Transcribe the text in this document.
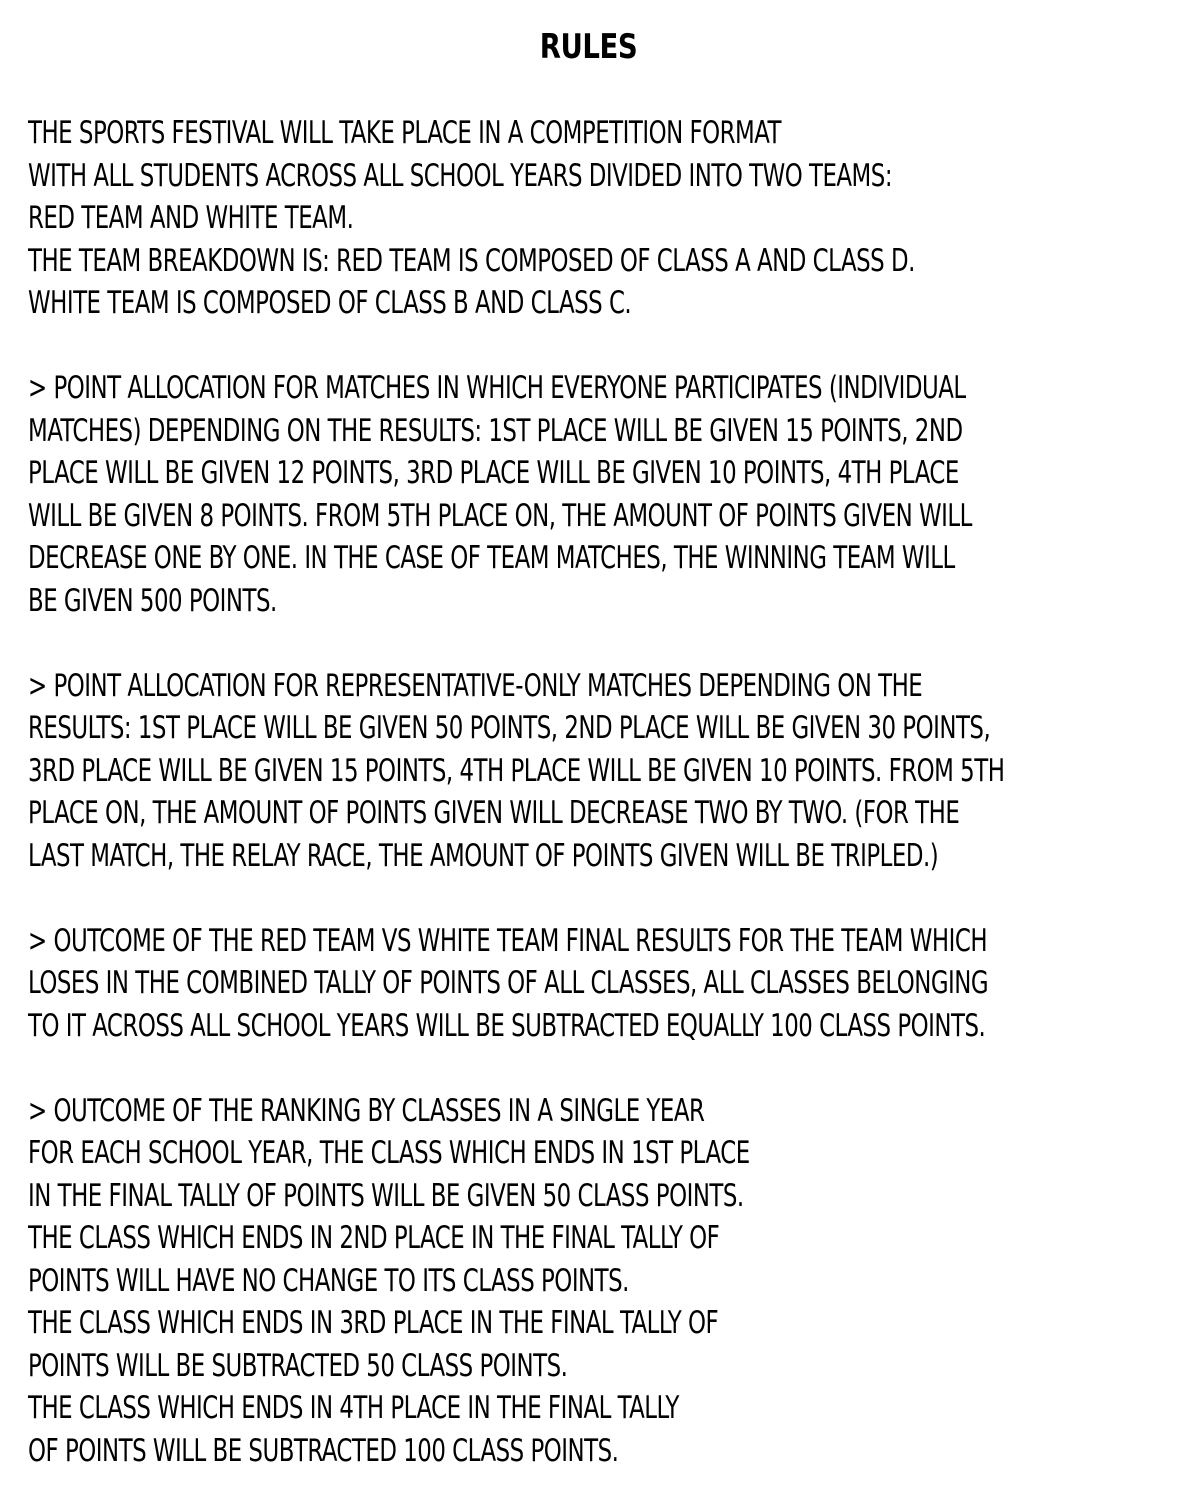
RULES
THE SPORTS FESTIVAL WILL TAKE PLACE IN A COMPETITION FORMAT
WITH ALL STUDENTS ACROSS ALL SCHOOL YEARS DIVIDED INTO TWO TEAMS:
RED TEAM AND WHITE TEAM.
THE TEAM BREAKDOWN IS: RED TEAM IS COMPOSED OF CLASS A AND CLASS D.
WHITE TEAM IS COMPOSED OF CLASS B AND CLASS C.
> POINT ALLOCATION FOR MATCHES IN WHICH EVERYONE PARTICIPATES (INDIVIDUAL
MATCHES) DEPENDING ON THE RESULTS: 1ST PLACE WILL BE GIVEN 15 POINTS, 2ND
PLACE WILL BE GIVEN 12 POINTS, 3RD PLACE WILL BE GIVEN 10 POINTS, 4TH PLACE
WILL BE GIVEN 8 POINTS. FROM 5TH PLACE ON, THE AMOUNT OF POINTS GIVEN WILL
DECREASE ONE BY ONE. IN THE CASE OF TEAM MATCHES, THE WINNING TEAM WILL
BE GIVEN 500 POINTS.
> POINT ALLOCATION FOR REPRESENTATIVE-ONLY MATCHES DEPENDING ON THE
RESULTS: 1ST PLACE WILL BE GIVEN 50 POINTS, 2ND PLACE WILL BE GIVEN 30 POINTS,
3RD PLACE WILL BE GIVEN 15 POINTS, 4TH PLACE WILL BE GIVEN 10 POINTS. FROM 5TH
PLACE ON, THE AMOUNT OF POINTS GIVEN WILL DECREASE TWO BY TWO. (FOR THE
LAST MATCH, THE RELAY RACE, THE AMOUNT OF POINTS GIVEN WILL BE TRIPLED.)
> OUTCOME OF THE RED TEAM VS WHITE TEAM FINAL RESULTS FOR THE TEAM WHICH
LOSES IN THE COMBINED TALLY OF POINTS OF ALL CLASSES, ALL CLASSES BELONGING
TO IT ACROSS ALL SCHOOL YEARS WILL BE SUBTRACTED EQUALLY 100 CLASS POINTS.
> OUTCOME OF THE RANKING BY CLASSES IN A SINGLE YEAR
FOR EACH SCHOOL YEAR, THE CLASS WHICH ENDS IN 1ST PLACE
IN THE FINAL TALLY OF POINTS WILL BE GIVEN 50 CLASS POINTS.
THE CLASS WHICH ENDS IN 2ND PLACE IN THE FINAL TALLY OF
POINTS WILL HAVE NO CHANGE TO ITS CLASS POINTS.
THE CLASS WHICH ENDS IN 3RD PLACE IN THE FINAL TALLY OF
POINTS WILL BE SUBTRACTED 50 CLASS POINTS.
THE CLASS WHICH ENDS IN 4TH PLACE IN THE FINAL TALLY
OF POINTS WILL BE SUBTRACTED 100 CLASS POINTS.
